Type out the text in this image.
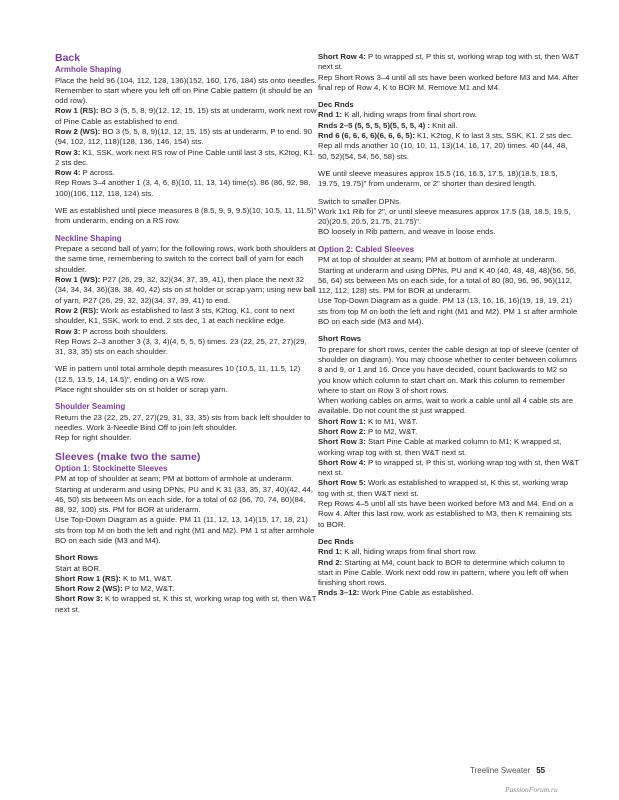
Back
Armhole Shaping

Place the held 96 (104, 112, 128, 136)(152, 160, 176, 184) sts onto needles. Remember to start where you left off on Pine Cable pattern (it should be an odd row).

Row 1 (RS): BO 3 (5, 5, 8, 9)(12, 12, 15, 15) sts at underarm, work next row of Pine Cable as established to end.

Row 2 (WS): BO 3 (5, 5, 8, 9)(12, 12, 15, 15) sts at underarm, P to end. 90 (94, 102, 112, 118)(128, 136, 146, 154) sts.

Row 3: K1, SSK, work next RS row of Pine Cable until last 3 sts, K2tog, K1. 2 sts dec.

Row 4: P across.

Rep Rows 3–4 another 1 (3, 4, 6, 8)(10, 11, 13, 14) time(s). 86 (86, 92, 98, 100)(106, 112, 118, 124) sts.

WE as established until piece measures 8 (8.5, 9, 9, 9.5)(10, 10.5, 11, 11.5)" from underarm, ending on a RS row.

Neckline Shaping

Prepare a second ball of yarn; for the following rows, work both shoulders at the same time, remembering to switch to the correct ball of yarn for each shoulder.

Row 1 (WS): P27 (26, 29, 32, 32)(34, 37, 39, 41), then place the next 32 (34, 34, 34, 36)(38, 38, 40, 42) sts on st holder or scrap yarn; using new ball of yarn, P27 (26, 29, 32, 32)(34, 37, 39, 41) to end.

Row 2 (RS): Work as established to last 3 sts, K2tog, K1, cont to next shoulder, K1, SSK, work to end. 2 sts dec, 1 at each neckline edge.

Row 3: P across both shoulders.

Rep Rows 2–3 another 3 (3, 3, 4)(4, 5, 5, 5) times. 23 (22, 25, 27, 27)(29, 31, 33, 35) sts on each shoulder.

WE in pattern until total armhole depth measures 10 (10.5, 11, 11.5, 12)(12.5, 13.5, 14, 14.5)", ending on a WS row.

Place right shoulder sts on st holder or scrap yarn.

Shoulder Seaming

Return the 23 (22, 25, 27, 27)(29, 31, 33, 35) sts from back left shoulder to needles. Work 3-Needle Bind Off to join left shoulder.

Rep for right shoulder.

Sleeves (make two the same)
Option 1: Stockinette Sleeves

PM at top of shoulder at seam; PM at bottom of armhole at underarm. Starting at underarm and using DPNs, PU and K 31 (33, 35, 37, 40)(42, 44, 46, 50) sts between Ms on each side, for a total of 62 (66, 70, 74, 80)(84, 88, 92, 100) sts. PM for BOR at underarm.

Use Top-Down Diagram as a guide. PM 11 (11, 12, 13, 14)(15, 17, 18, 21) sts from top M on both the left and right (M1 and M2). PM 1 st after armhole BO on each side (M3 and M4).

Short Rows

Start at BOR.

Short Row 1 (RS): K to M1, W&T.

Short Row 2 (WS): P to M2, W&T.

Short Row 3: K to wrapped st, K this st, working wrap tog with st, then W&T next st.

Short Row 4: P to wrapped st, P this st, working wrap tog with st, then W&T next st.

Rep Short Rows 3–4 until all sts have been worked before M3 and M4. After final rep of Row 4, K to BOR M. Remove M1 and M4.

Dec Rnds

Rnd 1: K all, hiding wraps from final short row.

Rnds 2–5 (5, 5, 5, 5)(5, 5, 5, 4) : Knit all.

Rnd 6 (6, 6, 6, 6)(6, 6, 6, 5): K1, K2tog, K to last 3 sts, SSK, K1. 2 sts dec.

Rep all rnds another 10 (10, 10, 11, 13)(14, 16, 17, 20) times. 40 (44, 48, 50, 52)(54, 54, 56, 58) sts.

WE until sleeve measures approx 15.5 (16, 16.5, 17.5, 18)(18.5, 18.5, 19.75, 19.75)" from underarm, or 2" shorter than desired length.

Switch to smaller DPNs.

Work 1x1 Rib for 2", or until sleeve measures approx 17.5 (18, 18.5, 19.5, 20)(20.5, 20.5, 21.75, 21.75)".

BO loosely in Rib pattern, and weave in loose ends.

Option 2: Cabled Sleeves

PM at top of shoulder at seam; PM at bottom of armhole at underarm. Starting at underarm and using DPNs, PU and K 40 (40, 48, 48, 48)(56, 56, 56, 64) sts between Ms on each side, for a total of 80 (80, 96, 96, 96)(112, 112, 112, 128) sts. PM for BOR at underarm.

Use Top-Down Diagram as a guide. PM 13 (13, 16, 16, 16)(19, 19, 19, 21) sts from top M on both the left and right (M1 and M2). PM 1 st after armhole BO on each side (M3 and M4).

Short Rows

To prepare for short rows, center the cable design at top of sleeve (center of shoulder on diagram). You may choose whether to center between columns 8 and 9, or 1 and 16. Once you have decided, count backwards to M2 so you know which column to start chart on. Mark this column to remember where to start on Row 3 of short rows.

When working cables on arms, wait to work a cable until all 4 cable sts are available. Do not count the st just wrapped.

Short Row 1: K to M1, W&T.

Short Row 2: P to M2, W&T.

Short Row 3: Start Pine Cable at marked column to M1; K wrapped st, working wrap tog with st, then W&T next st.

Short Row 4: P to wrapped st, P this st, working wrap tog with st, then W&T next st.

Short Row 5: Work as established to wrapped st, K this st, working wrap tog with st, then W&T next st.

Rep Rows 4–5 until all sts have been worked before M3 and M4. End on a Row 4. After this last row, work as established to M3, then K remaining sts to BOR.

Dec Rnds

Rnd 1: K all, hiding wraps from final short row.

Rnd 2: Starting at M4, count back to BOR to determine which column to start in Pine Cable. Work next odd row in pattern, where you left off when finishing short rows.

Rnds 3–12: Work Pine Cable as established.

Treeline Sweater 55
PassionForum.ru
